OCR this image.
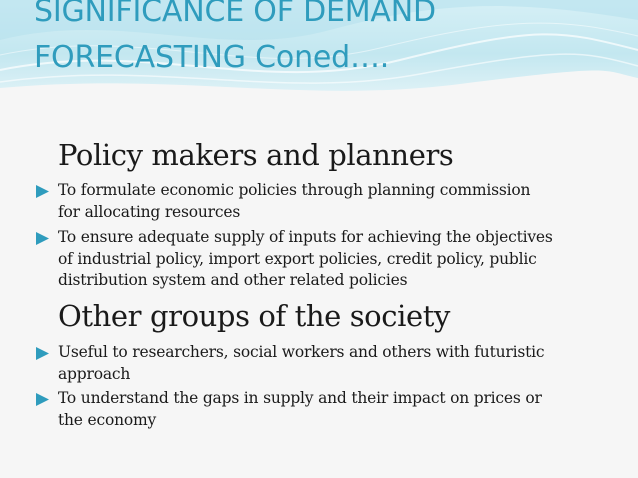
SIGNIFICANCE OF DEMAND
FORECASTING Coned….
Policy makers and planners
To formulate economic policies through planning commission
for allocating resources
To ensure adequate supply of inputs for achieving the objectives
of industrial policy, import export policies, credit policy, public
distribution system and other related policies
Other groups of the society
Useful to researchers, social workers and others with futuristic
approach
To understand the gaps in supply and their impact on prices or
the economy
